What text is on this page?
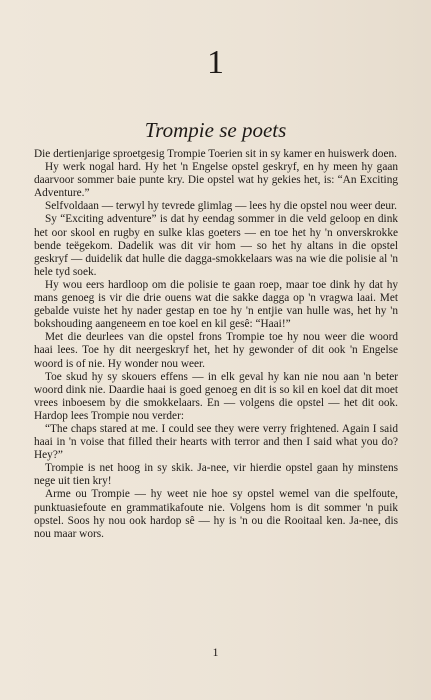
1
Trompie se poets

Die dertienjarige sproetgesig Trompie Toerien sit in sy kamer en huiswerk doen.

Hy werk nogal hard. Hy het 'n Engelse opstel geskryf, en hy meen hy gaan daarvoor sommer baie punte kry. Die opstel wat hy gekies het, is: “An Exciting Adventure.”

Selfvoldaan — terwyl hy tevrede glimlag — lees hy die opstel nou weer deur.

Sy “Exciting adventure” is dat hy eendag sommer in die veld geloop en dink het oor skool en rugby en sulke klas goeters — en toe het hy 'n onverskrokke bende teëgekom. Dadelik was dit vir hom — so het hy altans in die opstel geskryf — duidelik dat hulle die dagga-smokkelaars was na wie die polisie al 'n hele tyd soek.

Hy wou eers hardloop om die polisie te gaan roep, maar toe dink hy dat hy mans genoeg is vir die drie ouens wat die sakke dagga op 'n vragwa laai. Met gebalde vuiste het hy nader gestap en toe hy 'n entjie van hulle was, het hy 'n bokshouding aangeneem en toe koel en kil gesê: “Haai!”

Met die deurlees van die opstel frons Trompie toe hy nou weer die woord haai lees. Toe hy dit neergeskryf het, het hy gewonder of dit ook 'n Engelse woord is of nie. Hy wonder nou weer.

Toe skud hy sy skouers effens — in elk geval hy kan nie nou aan 'n beter woord dink nie. Daardie haai is goed genoeg en dit is so kil en koel dat dit moet vrees inboesem by die smokkelaars. En — volgens die opstel — het dit ook. Hardop lees Trompie nou verder:

“The chaps stared at me. I could see they were verry frightened. Again I said haai in 'n voise that filled their hearts with terror and then I said what you do? Hey?”

Trompie is net hoog in sy skik. Ja-nee, vir hierdie opstel gaan hy minstens nege uit tien kry!

Arme ou Trompie — hy weet nie hoe sy opstel wemel van die spelfoute, punktuasiefoute en grammatikafoute nie. Volgens hom is dit sommer 'n puik opstel. Soos hy nou ook hardop sê — hy is 'n ou die Rooitaal ken. Ja-nee, dis nou maar wors.

1
